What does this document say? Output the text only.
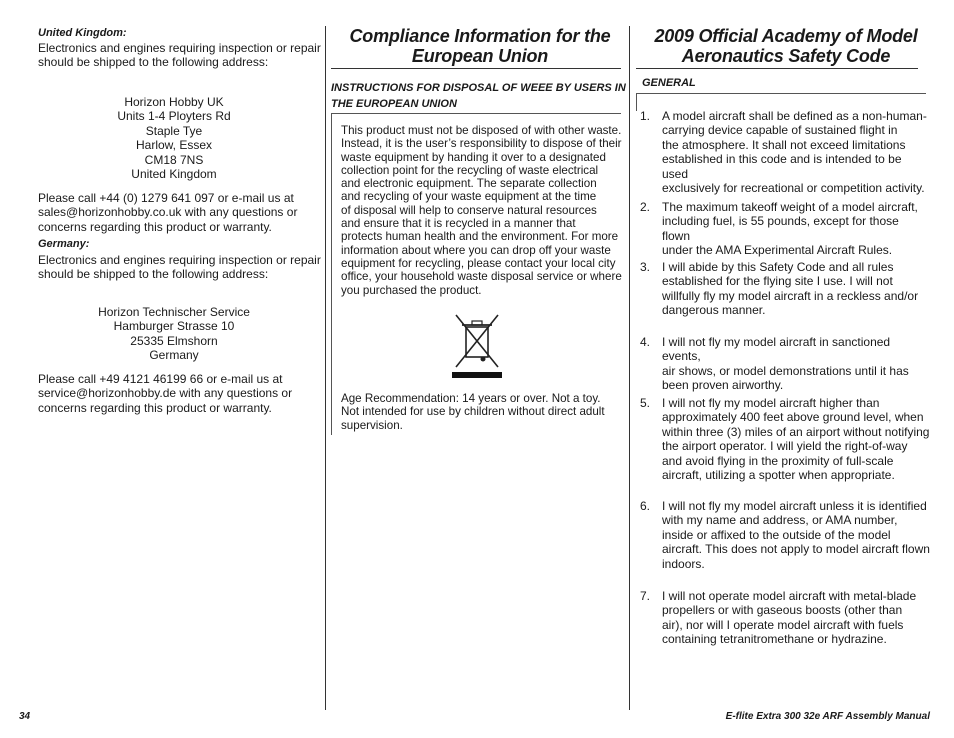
United Kingdom:
Electronics and engines requiring inspection or repair
should be shipped to the following address:
Horizon Hobby UK
Units 1-4 Ployters Rd
Staple Tye
Harlow, Essex
CM18 7NS
United Kingdom
Please call +44 (0) 1279 641 097 or e-mail us at
sales@horizonhobby.co.uk with any questions or
concerns regarding this product or warranty.
Germany:
Electronics and engines requiring inspection or repair
should be shipped to the following address:
Horizon Technischer Service
Hamburger Strasse 10
25335 Elmshorn
Germany
Please call +49 4121 46199 66 or e-mail us at
service@horizonhobby.de with any questions or
concerns regarding this product or warranty.
Compliance Information for the
European Union
INSTRUCTIONS FOR DISPOSAL OF WEEE BY USERS IN
THE EUROPEAN UNION
This product must not be disposed of with other waste.
Instead, it is the user’s responsibility to dispose of their
waste equipment by handing it over to a designated
collection point for the recycling of waste electrical
and electronic equipment. The separate collection
and recycling of your waste equipment at the time
of disposal will help to conserve natural resources
and ensure that it is recycled in a manner that
protects human health and the environment. For more
information about where you can drop off your waste
equipment for recycling, please contact your local city
office, your household waste disposal service or where
you purchased the product.
Age Recommendation: 14 years or over. Not a toy.
Not intended for use by children without direct adult
supervision.
2009 Official Academy of Model
Aeronautics Safety Code
GENERAL
1. A model aircraft shall be defined as a non-human-
carrying device capable of sustained flight in
the atmosphere. It shall not exceed limitations
established in this code and is intended to be used
exclusively for recreational or competition activity.
2. The maximum takeoff weight of a model aircraft,
including fuel, is 55 pounds, except for those flown
under the AMA Experimental Aircraft Rules.
3. I will abide by this Safety Code and all rules
established for the flying site I use. I will not
willfully fly my model aircraft in a reckless and/or
dangerous manner.
4. I will not fly my model aircraft in sanctioned events,
air shows, or model demonstrations until it has
been proven airworthy.
5. I will not fly my model aircraft higher than
approximately 400 feet above ground level, when
within three (3) miles of an airport without notifying
the airport operator. I will yield the right-of-way
and avoid flying in the proximity of full-scale
aircraft, utilizing a spotter when appropriate.
6. I will not fly my model aircraft unless it is identified
with my name and address, or AMA number,
inside or affixed to the outside of the model
aircraft. This does not apply to model aircraft flown
indoors.
7. I will not operate model aircraft with metal-blade
propellers or with gaseous boosts (other than
air), nor will I operate model aircraft with fuels
containing tetranitromethane or hydrazine.
34	E-flite Extra 300 32e ARF Assembly Manual
